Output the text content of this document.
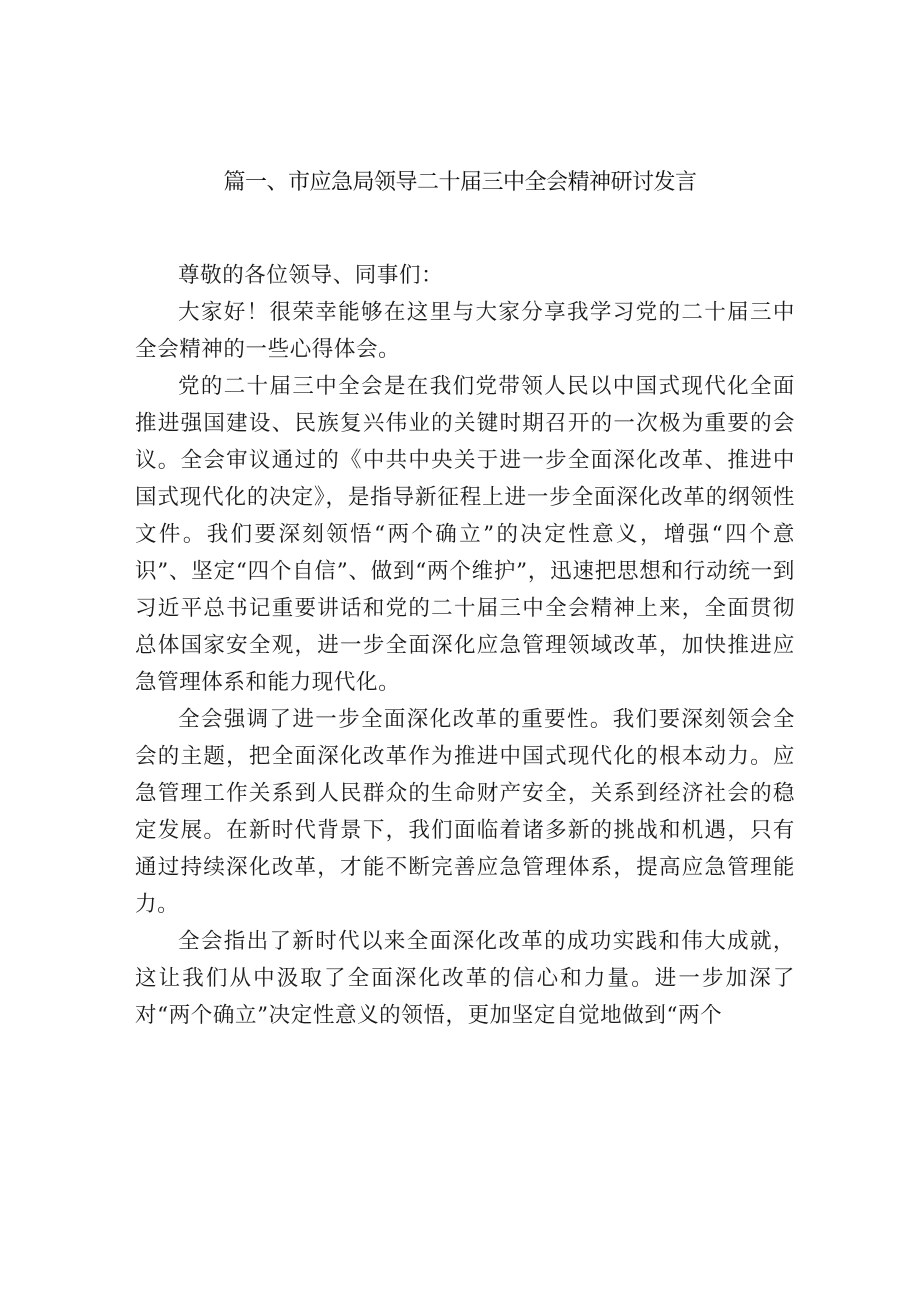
篇一、市应急局领导二十届三中全会精神研讨发言

尊敬的各位领导、同事们：

大家好！很荣幸能够在这里与大家分享我学习党的二十届三中全会精神的一些心得体会。

党的二十届三中全会是在我们党带领人民以中国式现代化全面推进强国建设、民族复兴伟业的关键时期召开的一次极为重要的会议。全会审议通过的《中共中央关于进一步全面深化改革、推进中国式现代化的决定》，是指导新征程上进一步全面深化改革的纲领性文件。我们要深刻领悟“两个确立”的决定性意义，增强“四个意识”、坚定“四个自信”、做到“两个维护”，迅速把思想和行动统一到习近平总书记重要讲话和党的二十届三中全会精神上来，全面贯彻总体国家安全观，进一步全面深化应急管理领域改革，加快推进应急管理体系和能力现代化。

全会强调了进一步全面深化改革的重要性。我们要深刻领会全会的主题，把全面深化改革作为推进中国式现代化的根本动力。应急管理工作关系到人民群众的生命财产安全，关系到经济社会的稳定发展。在新时代背景下，我们面临着诸多新的挑战和机遇，只有通过持续深化改革，才能不断完善应急管理体系，提高应急管理能力。

全会指出了新时代以来全面深化改革的成功实践和伟大成就，这让我们从中汲取了全面深化改革的信心和力量。进一步加深了对“两个确立”决定性意义的领悟，更加坚定自觉地做到“两个
